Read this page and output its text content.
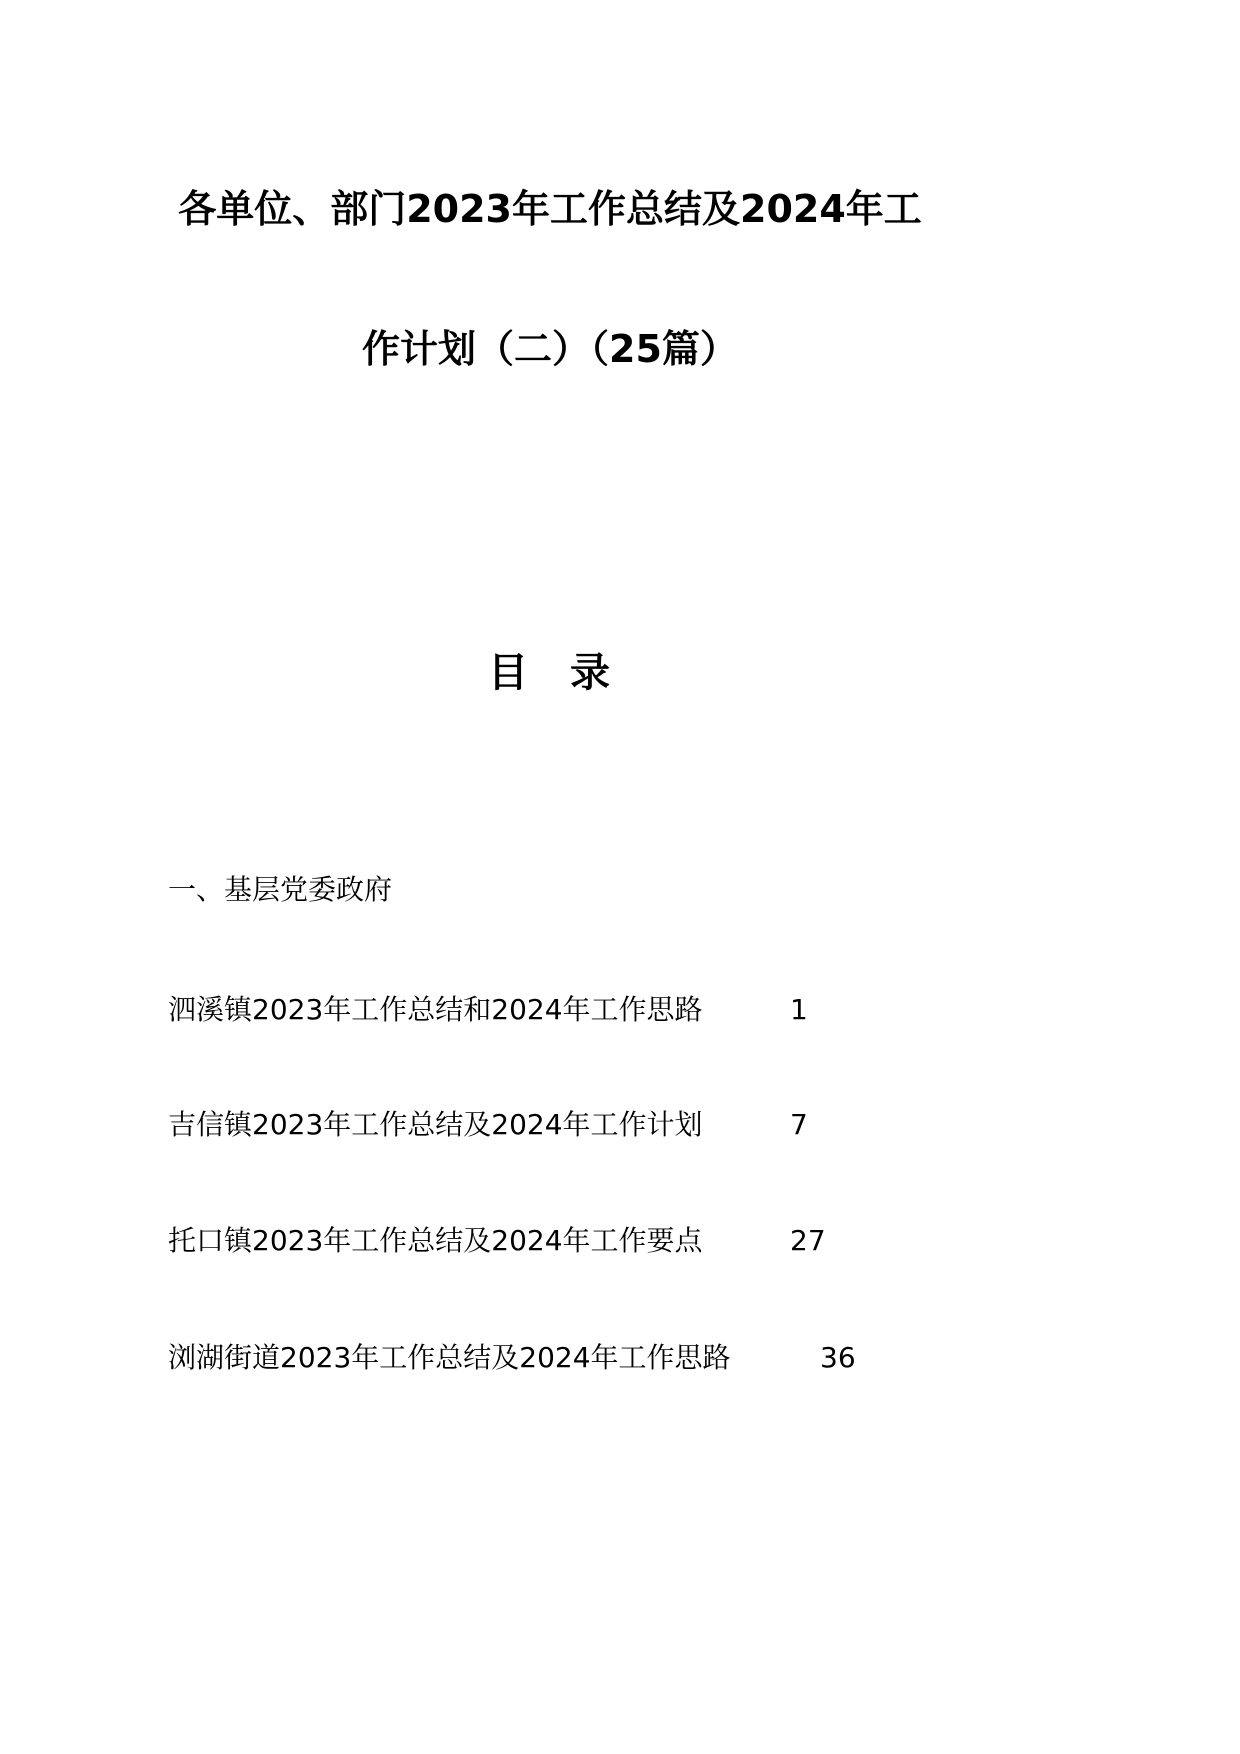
各单位、部门2023年工作总结及2024年工
作计划（二）（25篇）
目 录
一、基层党委政府
泗溪镇2023年工作总结和2024年工作思路	1
吉信镇2023年工作总结及2024年工作计划	7
托口镇2023年工作总结及2024年工作要点	27
浏湖街道2023年工作总结及2024年工作思路	36
